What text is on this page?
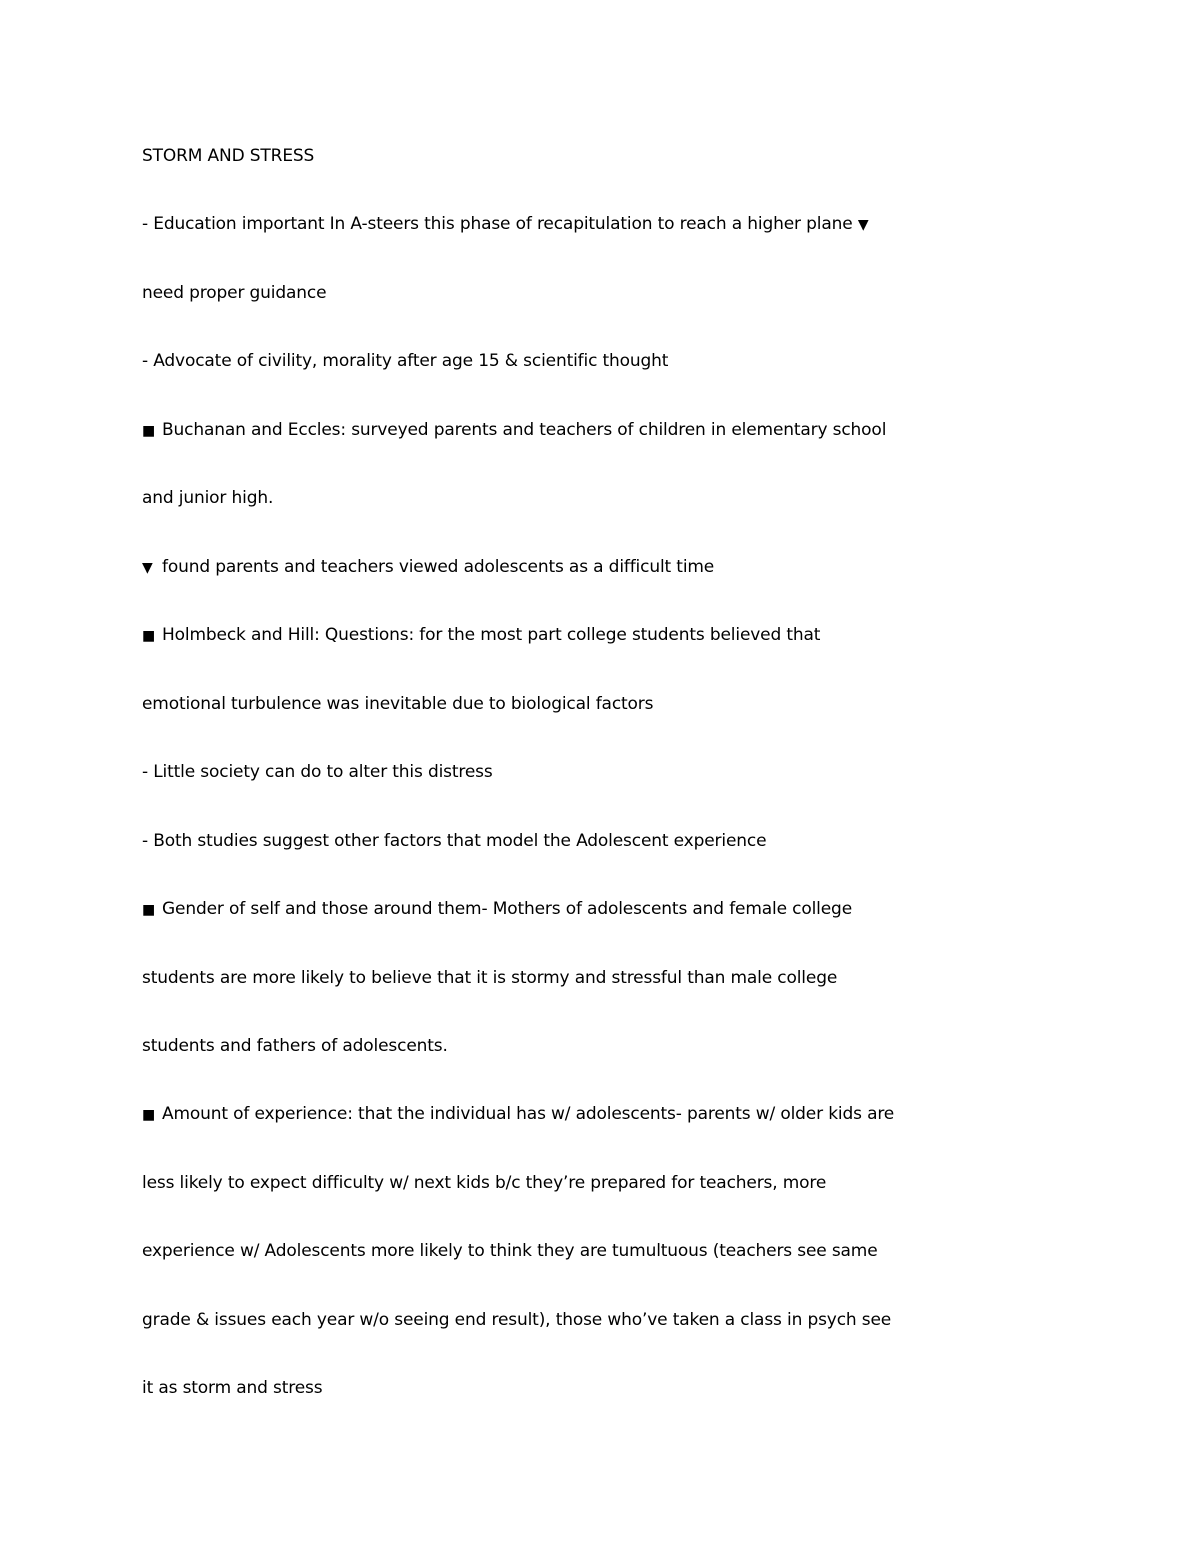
STORM AND STRESS
- Education important In A-steers this phase of recapitulation to reach a higher plane ▼
need proper guidance
- Advocate of civility, morality after age 15 & scientific thought
■ Buchanan and Eccles: surveyed parents and teachers of children in elementary school
and junior high.
▼ found parents and teachers viewed adolescents as a difficult time
■ Holmbeck and Hill: Questions: for the most part college students believed that
emotional turbulence was inevitable due to biological factors
- Little society can do to alter this distress
- Both studies suggest other factors that model the Adolescent experience
■ Gender of self and those around them- Mothers of adolescents and female college
students are more likely to believe that it is stormy and stressful than male college
students and fathers of adolescents.
■ Amount of experience: that the individual has w/ adolescents- parents w/ older kids are
less likely to expect difficulty w/ next kids b/c they’re prepared for teachers, more
experience w/ Adolescents more likely to think they are tumultuous (teachers see same
grade & issues each year w/o seeing end result), those who’ve taken a class in psych see
it as storm and stress
